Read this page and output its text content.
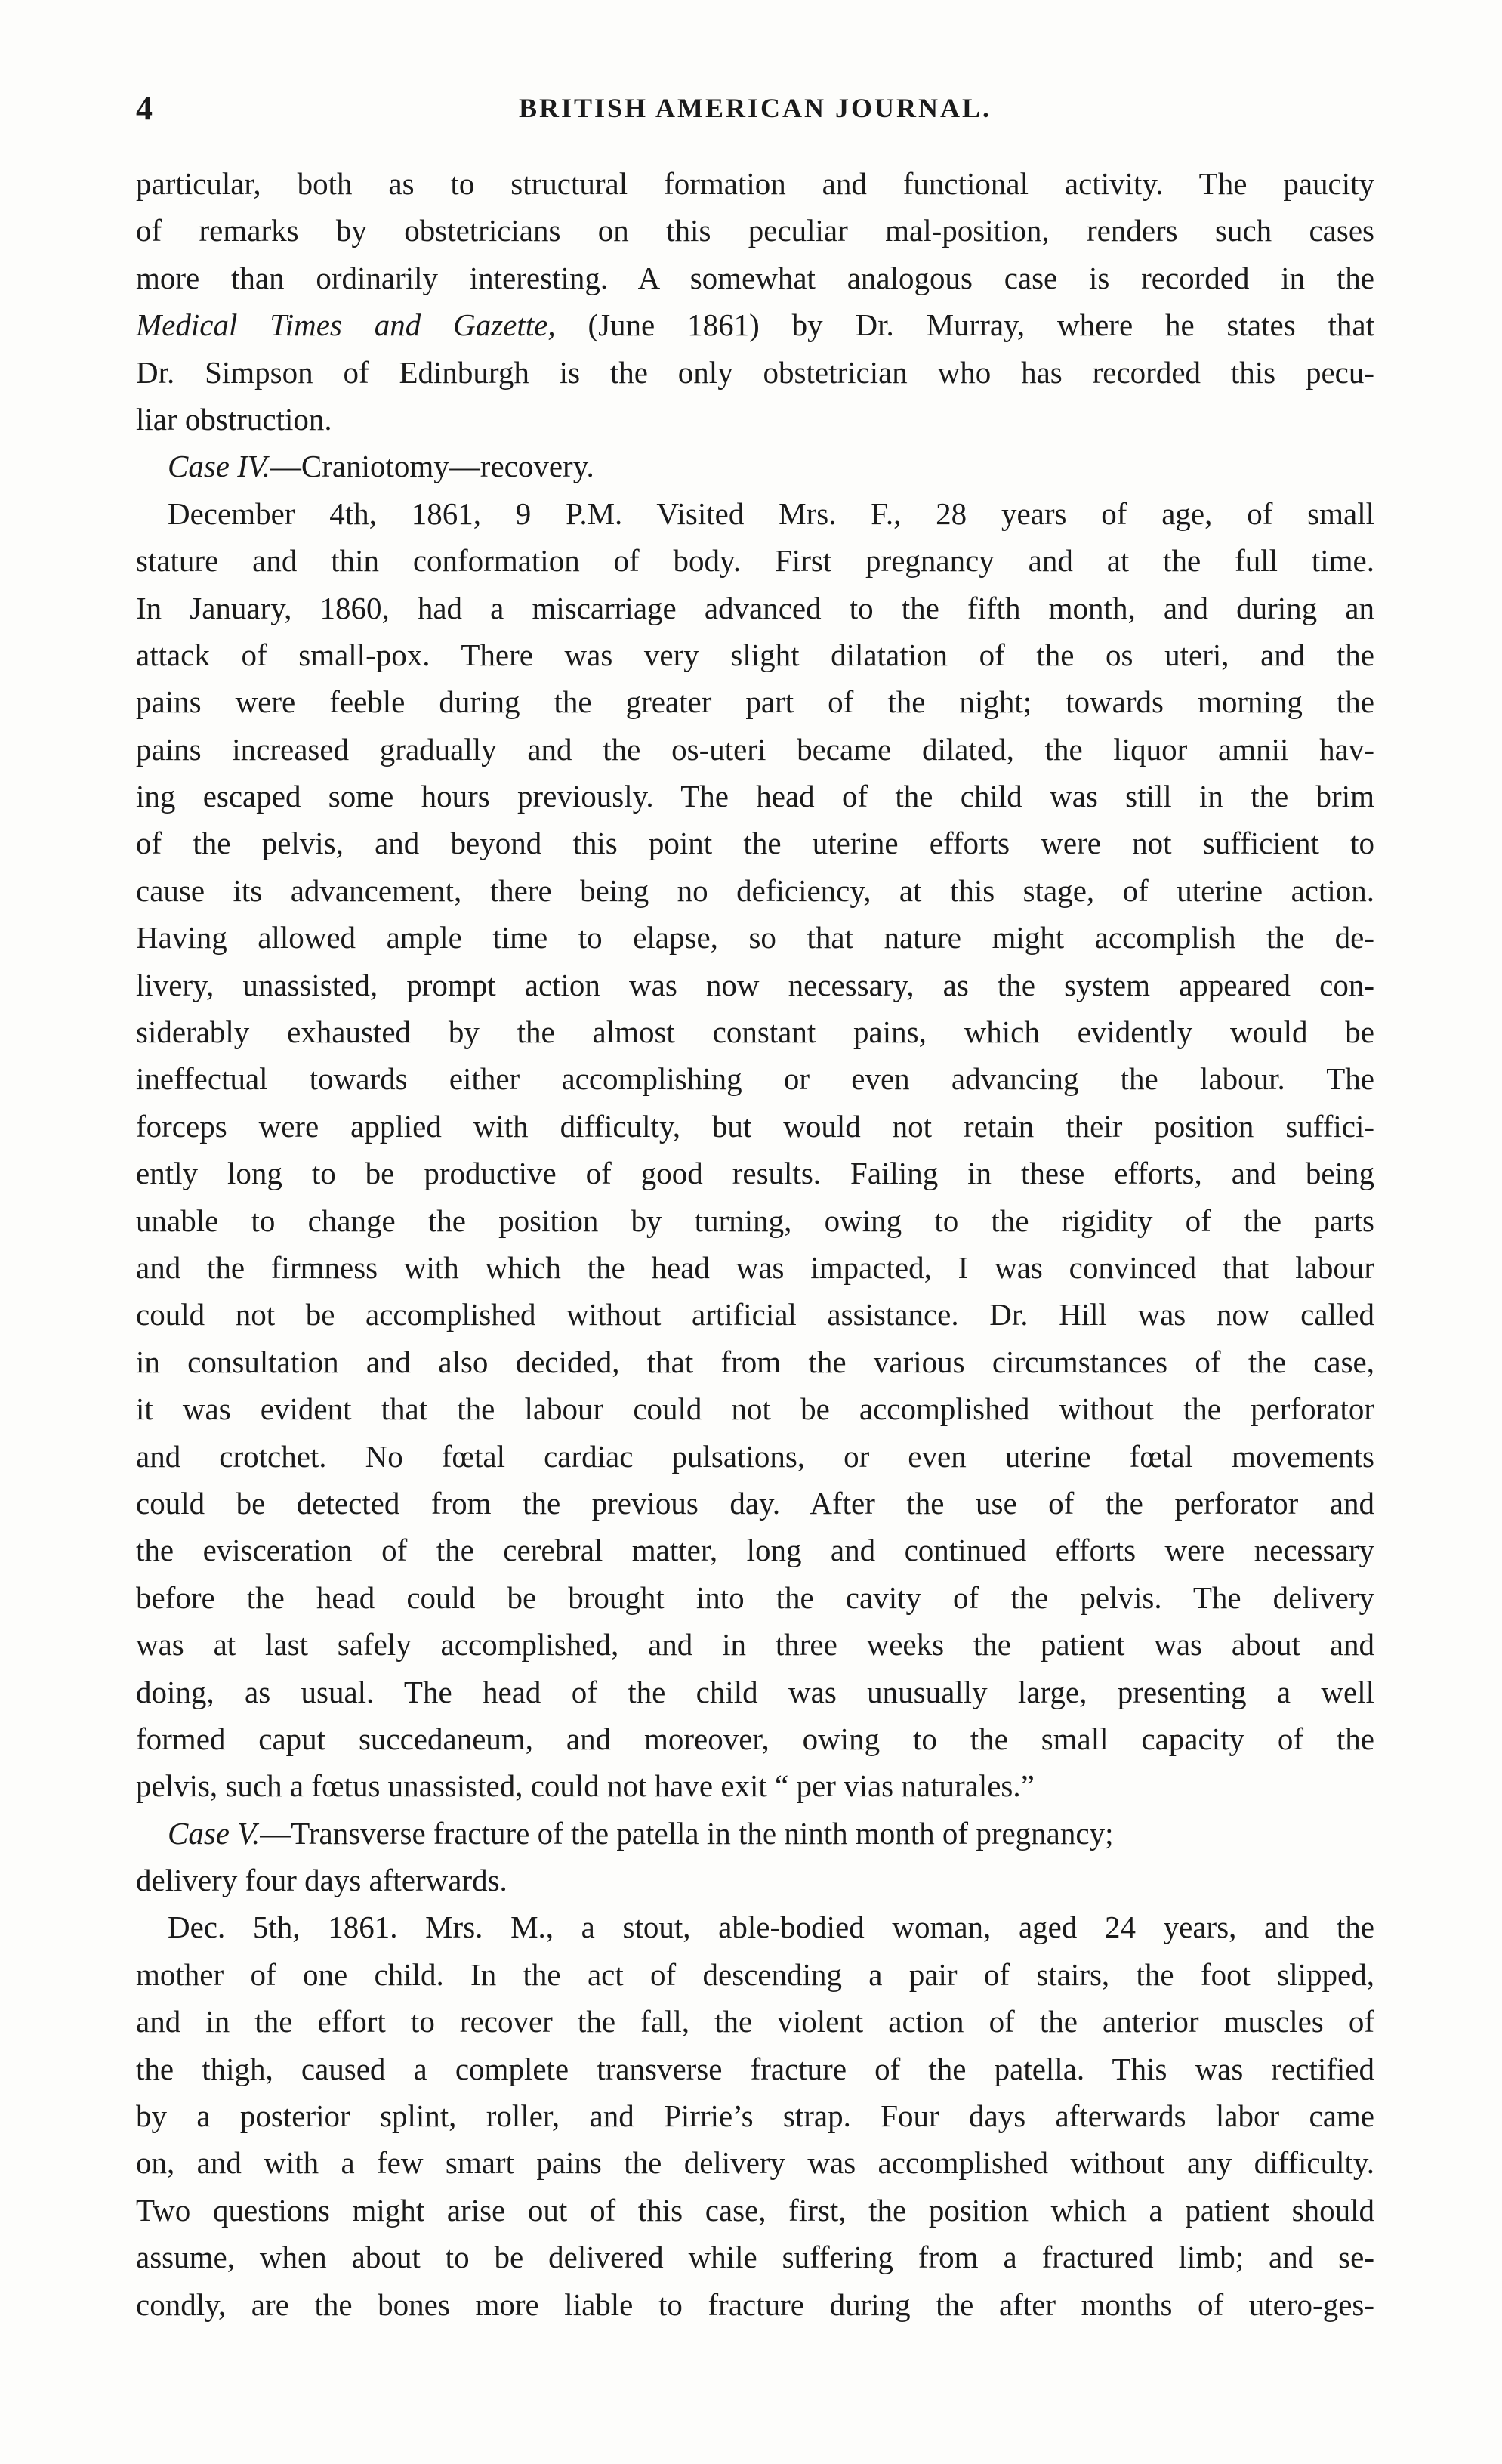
4	BRITISH AMERICAN JOURNAL.
particular, both as to structural formation and functional activity. The paucity
of remarks by obstetricians on this peculiar mal-position, renders such cases
more than ordinarily interesting. A somewhat analogous case is recorded in the
Medical Times and Gazette, (June 1861) by Dr. Murray, where he states that
Dr. Simpson of Edinburgh is the only obstetrician who has recorded this pecu-
liar obstruction.
Case IV.—Craniotomy—recovery.
December 4th, 1861, 9 P.M. Visited Mrs. F., 28 years of age, of small
stature and thin conformation of body. First pregnancy and at the full time.
In January, 1860, had a miscarriage advanced to the fifth month, and during an
attack of small-pox. There was very slight dilatation of the os uteri, and the
pains were feeble during the greater part of the night; towards morning the
pains increased gradually and the os-uteri became dilated, the liquor amnii hav-
ing escaped some hours previously. The head of the child was still in the brim
of the pelvis, and beyond this point the uterine efforts were not sufficient to
cause its advancement, there being no deficiency, at this stage, of uterine action.
Having allowed ample time to elapse, so that nature might accomplish the de-
livery, unassisted, prompt action was now necessary, as the system appeared con-
siderably exhausted by the almost constant pains, which evidently would be
ineffectual towards either accomplishing or even advancing the labour. The
forceps were applied with difficulty, but would not retain their position suffici-
ently long to be productive of good results. Failing in these efforts, and being
unable to change the position by turning, owing to the rigidity of the parts
and the firmness with which the head was impacted, I was convinced that labour
could not be accomplished without artificial assistance. Dr. Hill was now called
in consultation and also decided, that from the various circumstances of the case,
it was evident that the labour could not be accomplished without the perforator
and crotchet. No fœtal cardiac pulsations, or even uterine fœtal movements
could be detected from the previous day. After the use of the perforator and
the evisceration of the cerebral matter, long and continued efforts were necessary
before the head could be brought into the cavity of the pelvis. The delivery
was at last safely accomplished, and in three weeks the patient was about and
doing, as usual. The head of the child was unusually large, presenting a well
formed caput succedaneum, and moreover, owing to the small capacity of the
pelvis, such a fœtus unassisted, could not have exit “ per vias naturales.”
Case V.—Transverse fracture of the patella in the ninth month of pregnancy;
delivery four days afterwards.
Dec. 5th, 1861. Mrs. M., a stout, able-bodied woman, aged 24 years, and the
mother of one child. In the act of descending a pair of stairs, the foot slipped,
and in the effort to recover the fall, the violent action of the anterior muscles of
the thigh, caused a complete transverse fracture of the patella. This was rectified
by a posterior splint, roller, and Pirrie’s strap. Four days afterwards labor came
on, and with a few smart pains the delivery was accomplished without any difficulty.
Two questions might arise out of this case, first, the position which a patient should
assume, when about to be delivered while suffering from a fractured limb; and se-
condly, are the bones more liable to fracture during the after months of utero-ges-
